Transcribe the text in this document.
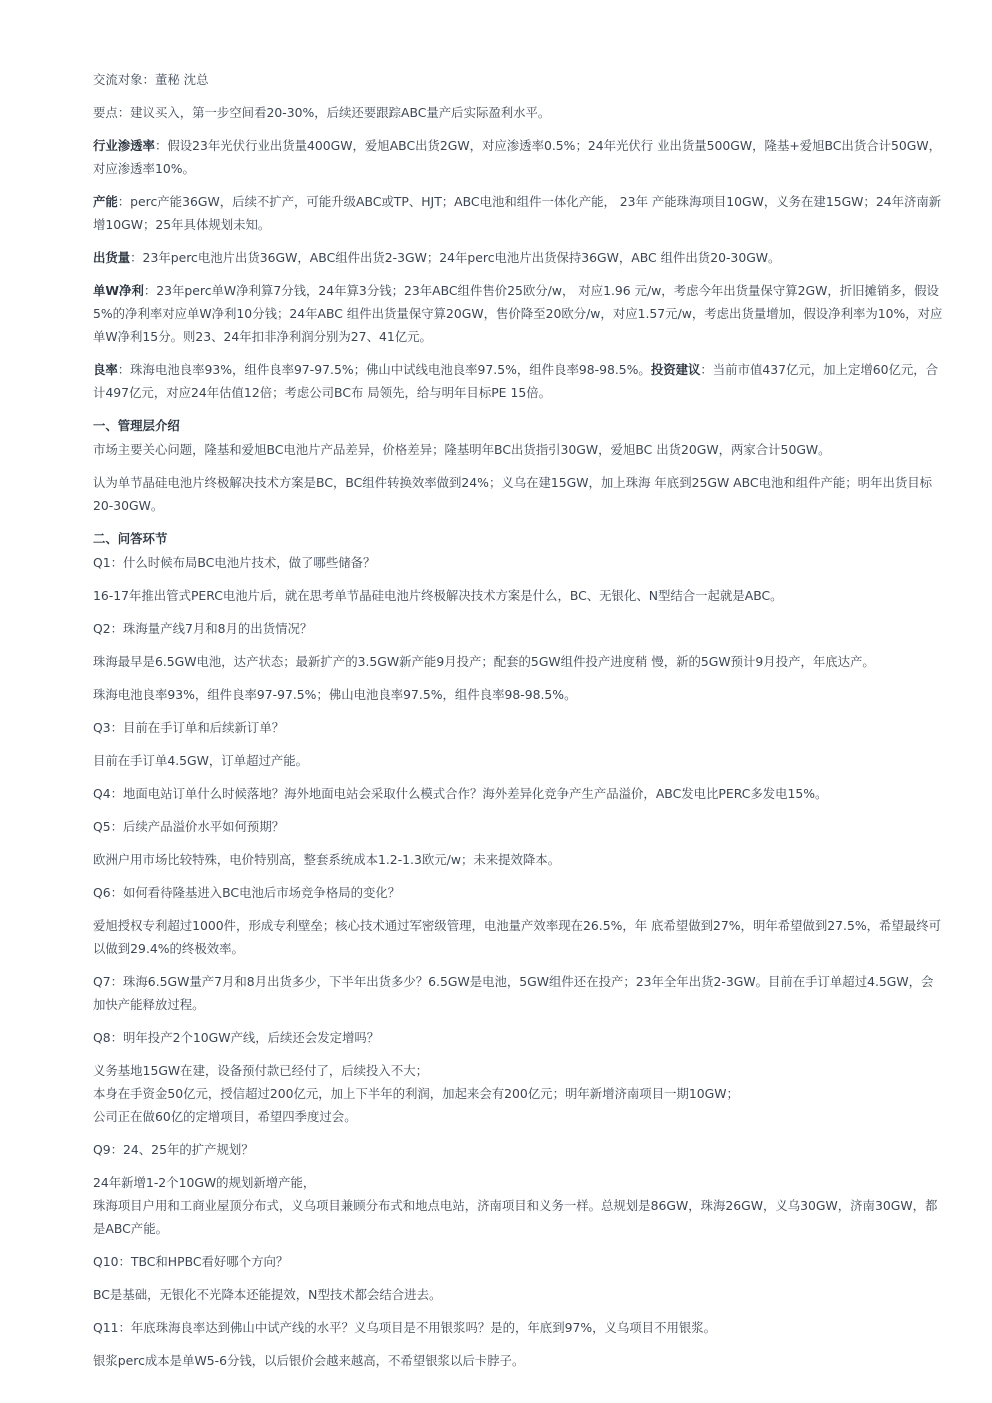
交流对象：董秘 沈总

要点：建议买入，第一步空间看20-30%，后续还要跟踪ABC量产后实际盈利水平。

行业渗透率：假设23年光伏行业出货量400GW，爱旭ABC出货2GW，对应渗透率0.5%；24年光伏行 业出货量500GW，隆基+爱旭BC出货合计50GW，对应渗透率10%。

产能：perc产能36GW，后续不扩产，可能升级ABC或TP、HJT；ABC电池和组件一体化产能， 23年 产能珠海项目10GW，义务在建15GW；24年济南新增10GW；25年具体规划未知。

出货量：23年perc电池片出货36GW，ABC组件出货2-3GW；24年perc电池片出货保持36GW，ABC 组件出货20-30GW。

单W净利：23年perc单W净利算7分钱，24年算3分钱；23年ABC组件售价25欧分/w， 对应1.96 元/w，考虑今年出货量保守算2GW，折旧摊销多，假设5%的净利率对应单W净利10分钱；24年ABC 组件出货量保守算20GW，售价降至20欧分/w，对应1.57元/w，考虑出货量增加，假设净利率为10%，对应单W净利15分。则23、24年扣非净利润分别为27、41亿元。

良率：珠海电池良率93%，组件良率97-97.5%；佛山中试线电池良率97.5%，组件良率98-98.5%。投资建议：当前市值437亿元，加上定增60亿元，合计497亿元，对应24年估值12倍；考虑公司BC布 局领先，给与明年目标PE 15倍。

一、管理层介绍

市场主要关心问题，隆基和爱旭BC电池片产品差异，价格差异；隆基明年BC出货指引30GW，爱旭BC 出货20GW，两家合计50GW。

认为单节晶硅电池片终极解决技术方案是BC，BC组件转换效率做到24%；义乌在建15GW，加上珠海 年底到25GW ABC电池和组件产能；明年出货目标20-30GW。

二、问答环节

Q1：什么时候布局BC电池片技术，做了哪些储备？

16-17年推出管式PERC电池片后，就在思考单节晶硅电池片终极解决技术方案是什么，BC、无银化、N型结合一起就是ABC。

Q2：珠海量产线7月和8月的出货情况？

珠海最早是6.5GW电池，达产状态；最新扩产的3.5GW新产能9月投产；配套的5GW组件投产进度稍 慢，新的5GW预计9月投产，年底达产。

珠海电池良率93%，组件良率97-97.5%；佛山电池良率97.5%，组件良率98-98.5%。

Q3：目前在手订单和后续新订单？

目前在手订单4.5GW，订单超过产能。

Q4：地面电站订单什么时候落地？海外地面电站会采取什么模式合作？海外差异化竞争产生产品溢价，ABC发电比PERC多发电15%。

Q5：后续产品溢价水平如何预期？

欧洲户用市场比较特殊，电价特别高，整套系统成本1.2-1.3欧元/w；未来提效降本。

Q6：如何看待隆基进入BC电池后市场竞争格局的变化？

爱旭授权专利超过1000件，形成专利壁垒；核心技术通过军密级管理，电池量产效率现在26.5%，年 底希望做到27%，明年希望做到27.5%，希望最终可以做到29.4%的终极效率。

Q7：珠海6.5GW量产7月和8月出货多少，下半年出货多少？6.5GW是电池，5GW组件还在投产；23年全年出货2-3GW。目前在手订单超过4.5GW，会加快产能释放过程。

Q8：明年投产2个10GW产线，后续还会发定增吗？

义务基地15GW在建，设备预付款已经付了，后续投入不大；

本身在手资金50亿元，授信超过200亿元，加上下半年的利润，加起来会有200亿元；明年新增济南项目一期10GW；

公司正在做60亿的定增项目，希望四季度过会。

Q9：24、25年的扩产规划？

24年新增1-2个10GW的规划新增产能，

珠海项目户用和工商业屋顶分布式，义乌项目兼顾分布式和地点电站，济南项目和义务一样。总规划是86GW，珠海26GW，义乌30GW，济南30GW，都是ABC产能。

Q10：TBC和HPBC看好哪个方向？

BC是基础，无银化不光降本还能提效，N型技术都会结合进去。

Q11：年底珠海良率达到佛山中试产线的水平？义乌项目是不用银浆吗？是的，年底到97%，义乌项目不用银浆。

银浆perc成本是单W5-6分钱，以后银价会越来越高，不希望银浆以后卡脖子。
